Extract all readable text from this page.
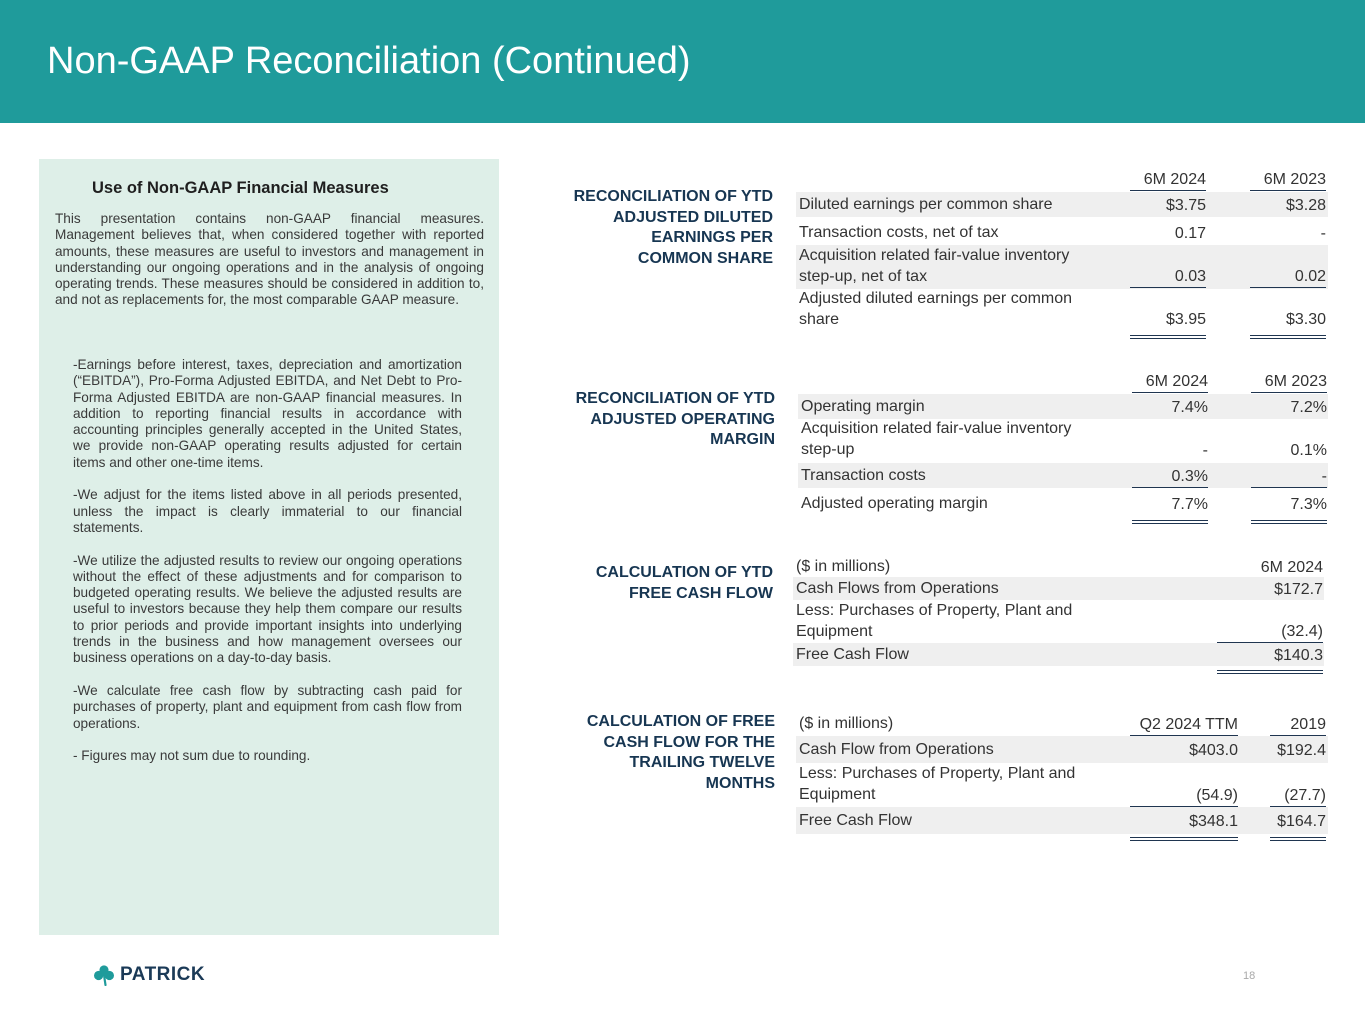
Non-GAAP Reconciliation (Continued)
Use of Non-GAAP Financial Measures
This presentation contains non-GAAP financial measures. Management believes that, when considered together with reported amounts, these measures are useful to investors and management in understanding our ongoing operations and in the analysis of ongoing operating trends. These measures should be considered in addition to, and not as replacements for, the most comparable GAAP measure.

-Earnings before interest, taxes, depreciation and amortization (“EBITDA”), Pro-Forma Adjusted EBITDA, and Net Debt to Pro-Forma Adjusted EBITDA are non-GAAP financial measures. In addition to reporting financial results in accordance with accounting principles generally accepted in the United States, we provide non-GAAP operating results adjusted for certain items and other one-time items.

-We adjust for the items listed above in all periods presented, unless the impact is clearly immaterial to our financial statements.

-We utilize the adjusted results to review our ongoing operations without the effect of these adjustments and for comparison to budgeted operating results. We believe the adjusted results are useful to investors because they help them compare our results to prior periods and provide important insights into underlying trends in the business and how management oversees our business operations on a day-to-day basis.

-We calculate free cash flow by subtracting cash paid for purchases of property, plant and equipment from cash flow from operations.

- Figures may not sum due to rounding.

RECONCILIATION OF YTD ADJUSTED DILUTED EARNINGS PER COMMON SHARE
6M 2024	6M 2023
Diluted earnings per common share	$3.75	$3.28
Transaction costs, net of tax	0.17	-
Acquisition related fair-value inventory step-up, net of tax	0.03	0.02
Adjusted diluted earnings per common share	$3.95	$3.30
RECONCILIATION OF YTD ADJUSTED OPERATING MARGIN
6M 2024	6M 2023
Operating margin	7.4%	7.2%
Acquisition related fair-value inventory step-up	-	0.1%
Transaction costs	0.3%	-
Adjusted operating margin	7.7%	7.3%
CALCULATION OF YTD FREE CASH FLOW
($ in millions)	6M 2024
Cash Flows from Operations	$172.7
Less: Purchases of Property, Plant and Equipment	(32.4)
Free Cash Flow	$140.3
CALCULATION OF FREE CASH FLOW FOR THE TRAILING TWELVE MONTHS
($ in millions)	Q2 2024 TTM	2019
Cash Flow from Operations	$403.0	$192.4
Less: Purchases of Property, Plant and Equipment	(54.9)	(27.7)
Free Cash Flow	$348.1	$164.7
PATRICK	18
